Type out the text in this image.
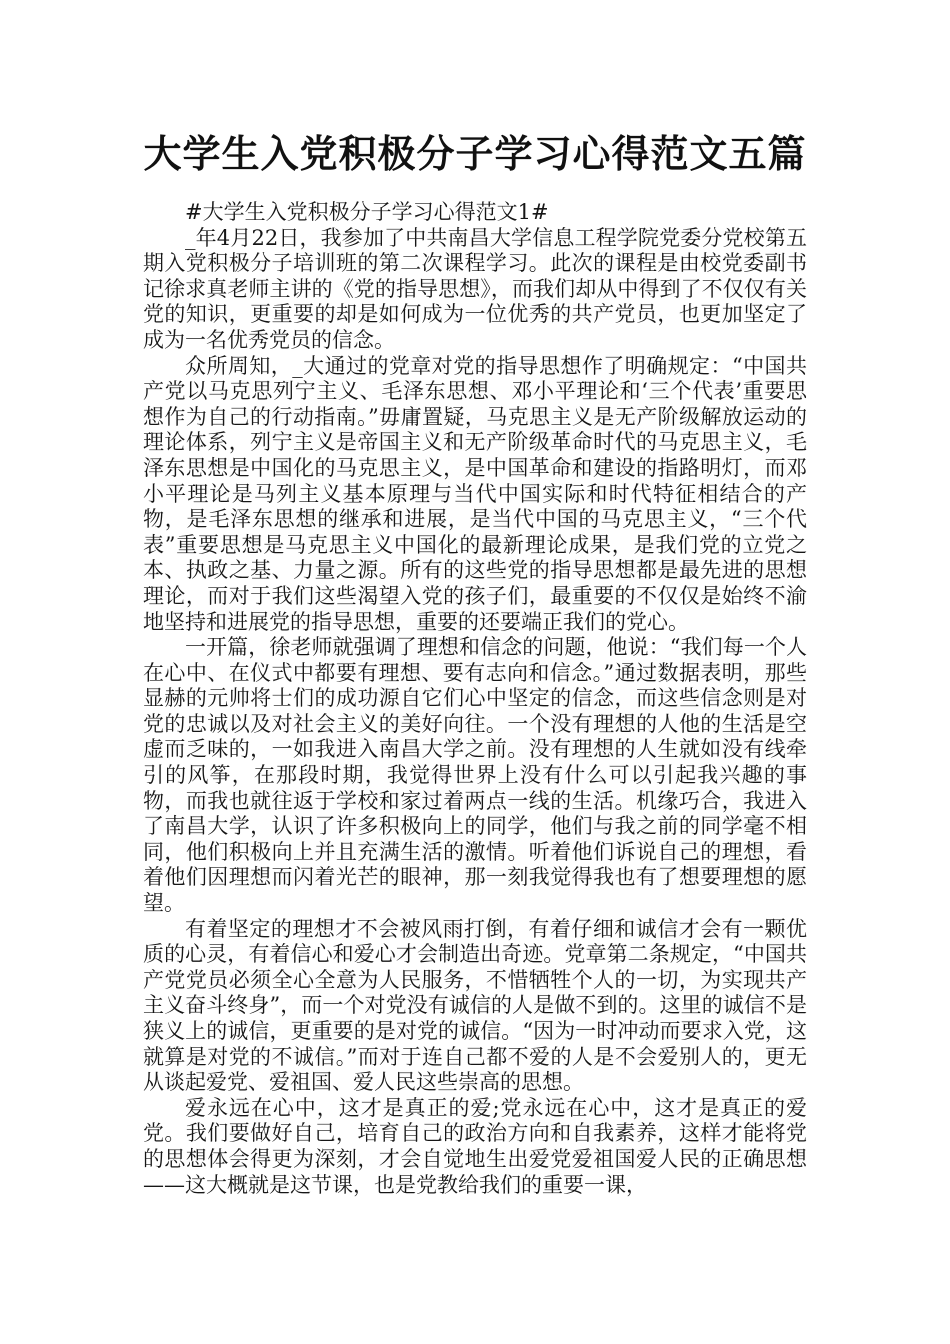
大学生入党积极分子学习心得范文五篇

#大学生入党积极分子学习心得范文1#

_年4月22日，我参加了中共南昌大学信息工程学院党委分党校第五期入党积极分子培训班的第二次课程学习。此次的课程是由校党委副书记徐求真老师主讲的《党的指导思想》，而我们却从中得到了不仅仅有关党的知识，更重要的却是如何成为一位优秀的共产党员，也更加坚定了成为一名优秀党员的信念。

众所周知，_大通过的党章对党的指导思想作了明确规定：“中国共产党以马克思列宁主义、毛泽东思想、邓小平理论和‘三个代表’重要思想作为自己的行动指南。”毋庸置疑，马克思主义是无产阶级解放运动的理论体系，列宁主义是帝国主义和无产阶级革命时代的马克思主义，毛泽东思想是中国化的马克思主义，是中国革命和建设的指路明灯，而邓小平理论是马列主义基本原理与当代中国实际和时代特征相结合的产物，是毛泽东思想的继承和进展，是当代中国的马克思主义，“三个代表”重要思想是马克思主义中国化的最新理论成果，是我们党的立党之本、执政之基、力量之源。所有的这些党的指导思想都是最先进的思想理论，而对于我们这些渴望入党的孩子们，最重要的不仅仅是始终不渝地坚持和进展党的指导思想，重要的还要端正我们的党心。

一开篇，徐老师就强调了理想和信念的问题，他说：“我们每一个人在心中、在仪式中都要有理想、要有志向和信念。”通过数据表明，那些显赫的元帅将士们的成功源自它们心中坚定的信念，而这些信念则是对党的忠诚以及对社会主义的美好向往。一个没有理想的人他的生活是空虚而乏味的，一如我进入南昌大学之前。没有理想的人生就如没有线牵引的风筝，在那段时期，我觉得世界上没有什么可以引起我兴趣的事物，而我也就往返于学校和家过着两点一线的生活。机缘巧合，我进入了南昌大学，认识了许多积极向上的同学，他们与我之前的同学毫不相同，他们积极向上并且充满生活的激情。听着他们诉说自己的理想，看着他们因理想而闪着光芒的眼神，那一刻我觉得我也有了想要理想的愿望。

有着坚定的理想才不会被风雨打倒，有着仔细和诚信才会有一颗优质的心灵，有着信心和爱心才会制造出奇迹。党章第二条规定，“中国共产党党员必须全心全意为人民服务，不惜牺牲个人的一切，为实现共产主义奋斗终身”，而一个对党没有诚信的人是做不到的。这里的诚信不是狭义上的诚信，更重要的是对党的诚信。“因为一时冲动而要求入党，这就算是对党的不诚信。”而对于连自己都不爱的人是不会爱别人的，更无从谈起爱党、爱祖国、爱人民这些崇高的思想。

爱永远在心中，这才是真正的爱;党永远在心中，这才是真正的爱党。我们要做好自己，培育自己的政治方向和自我素养，这样才能将党的思想体会得更为深刻，才会自觉地生出爱党爱祖国爱人民的正确思想——这大概就是这节课，也是党教给我们的重要一课，
